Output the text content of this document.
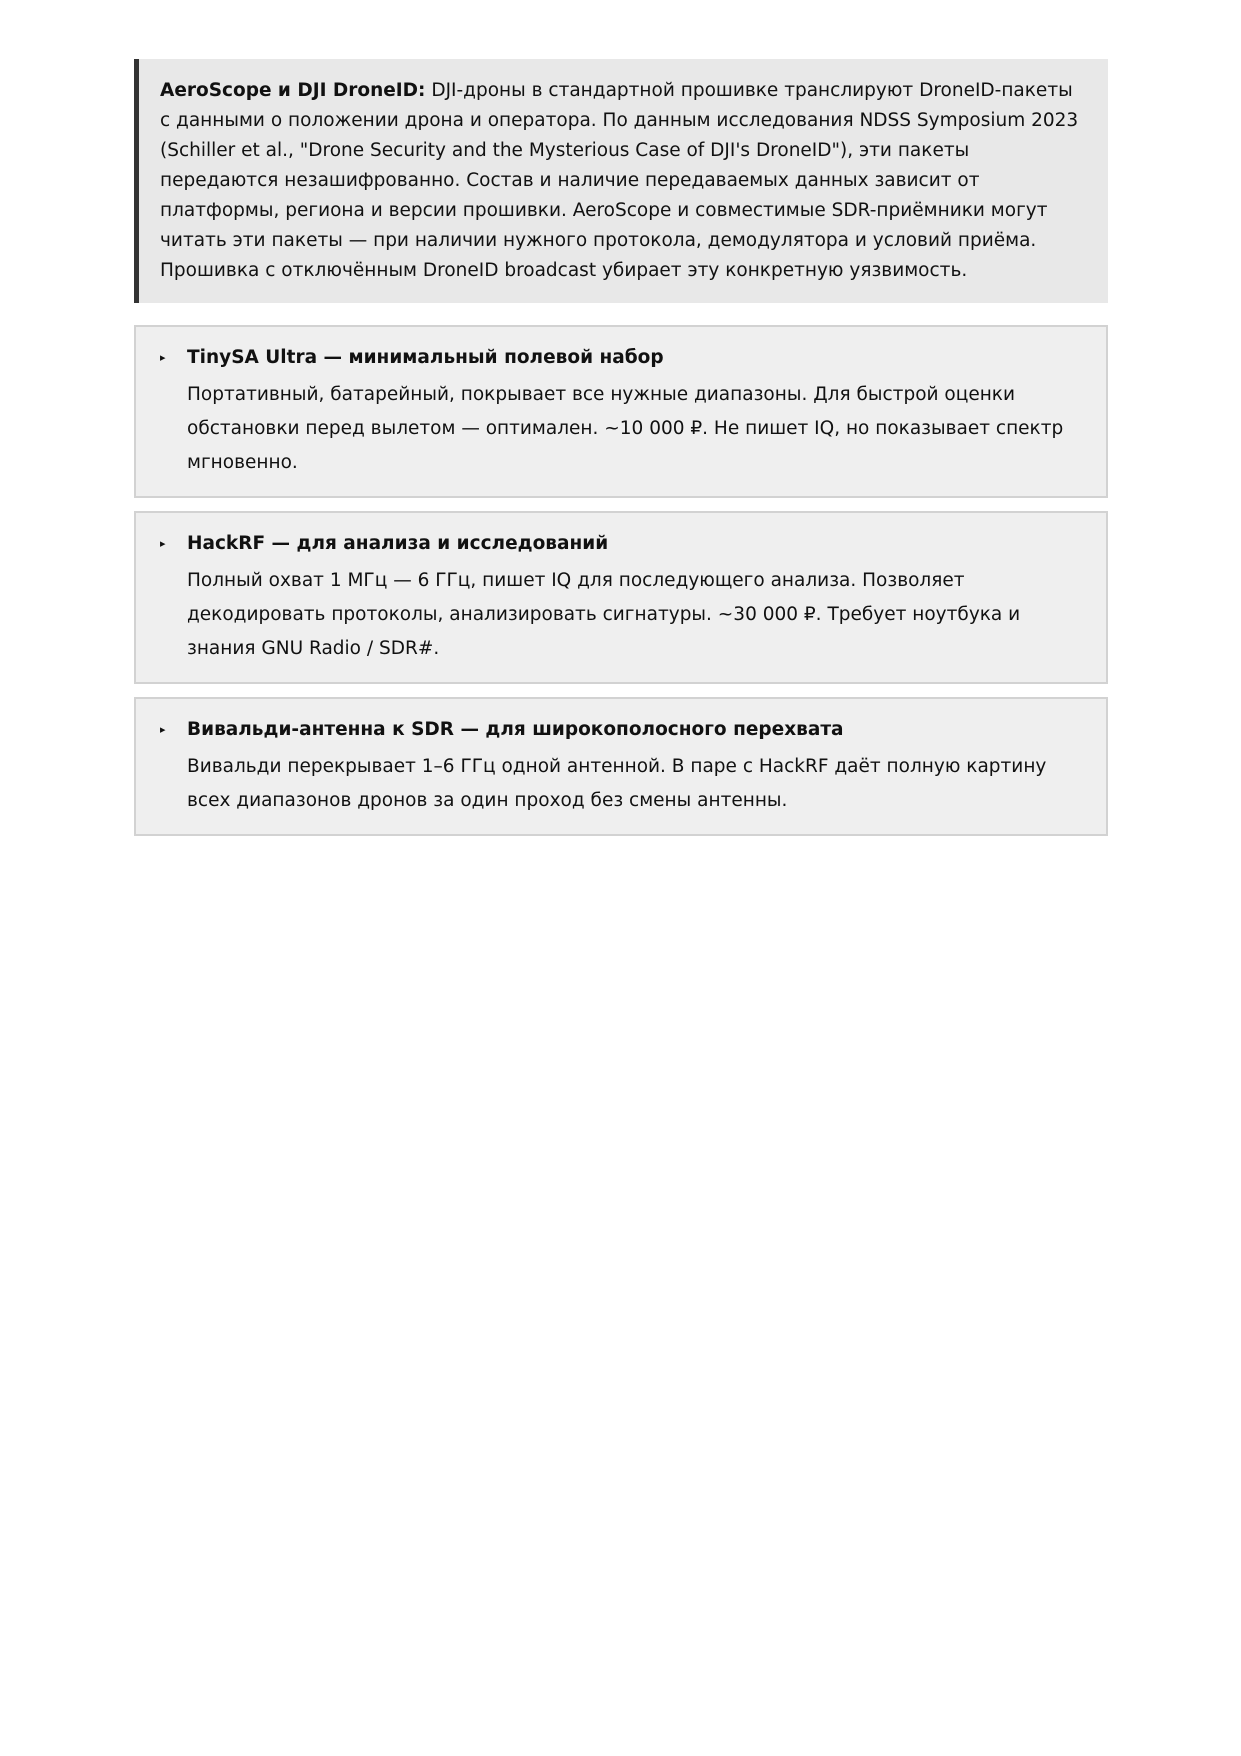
AeroScope и DJI DroneID: DJI-дроны в стандартной прошивке транслируют DroneID-пакеты с данными о положении дрона и оператора. По данным исследования NDSS Symposium 2023 (Schiller et al., "Drone Security and the Mysterious Case of DJI's DroneID"), эти пакеты передаются незашифрованно. Состав и наличие передаваемых данных зависит от платформы, региона и версии прошивки. AeroScope и совместимые SDR-приёмники могут читать эти пакеты — при наличии нужного протокола, демодулятора и условий приёма. Прошивка с отключённым DroneID broadcast убирает эту конкретную уязвимость.
▸	TinySA Ultra — минимальный полевой набор
Портативный, батарейный, покрывает все нужные диапазоны. Для быстрой оценки обстановки перед вылетом — оптимален. ~10 000 ₽. Не пишет IQ, но показывает спектр мгновенно.
▸	HackRF — для анализа и исследований
Полный охват 1 МГц — 6 ГГц, пишет IQ для последующего анализа. Позволяет декодировать протоколы, анализировать сигнатуры. ~30 000 ₽. Требует ноутбука и знания GNU Radio / SDR#.
▸	Вивальди-антенна к SDR — для широкополосного перехвата
Вивальди перекрывает 1–6 ГГц одной антенной. В паре с HackRF даёт полную картину всех диапазонов дронов за один проход без смены антенны.
